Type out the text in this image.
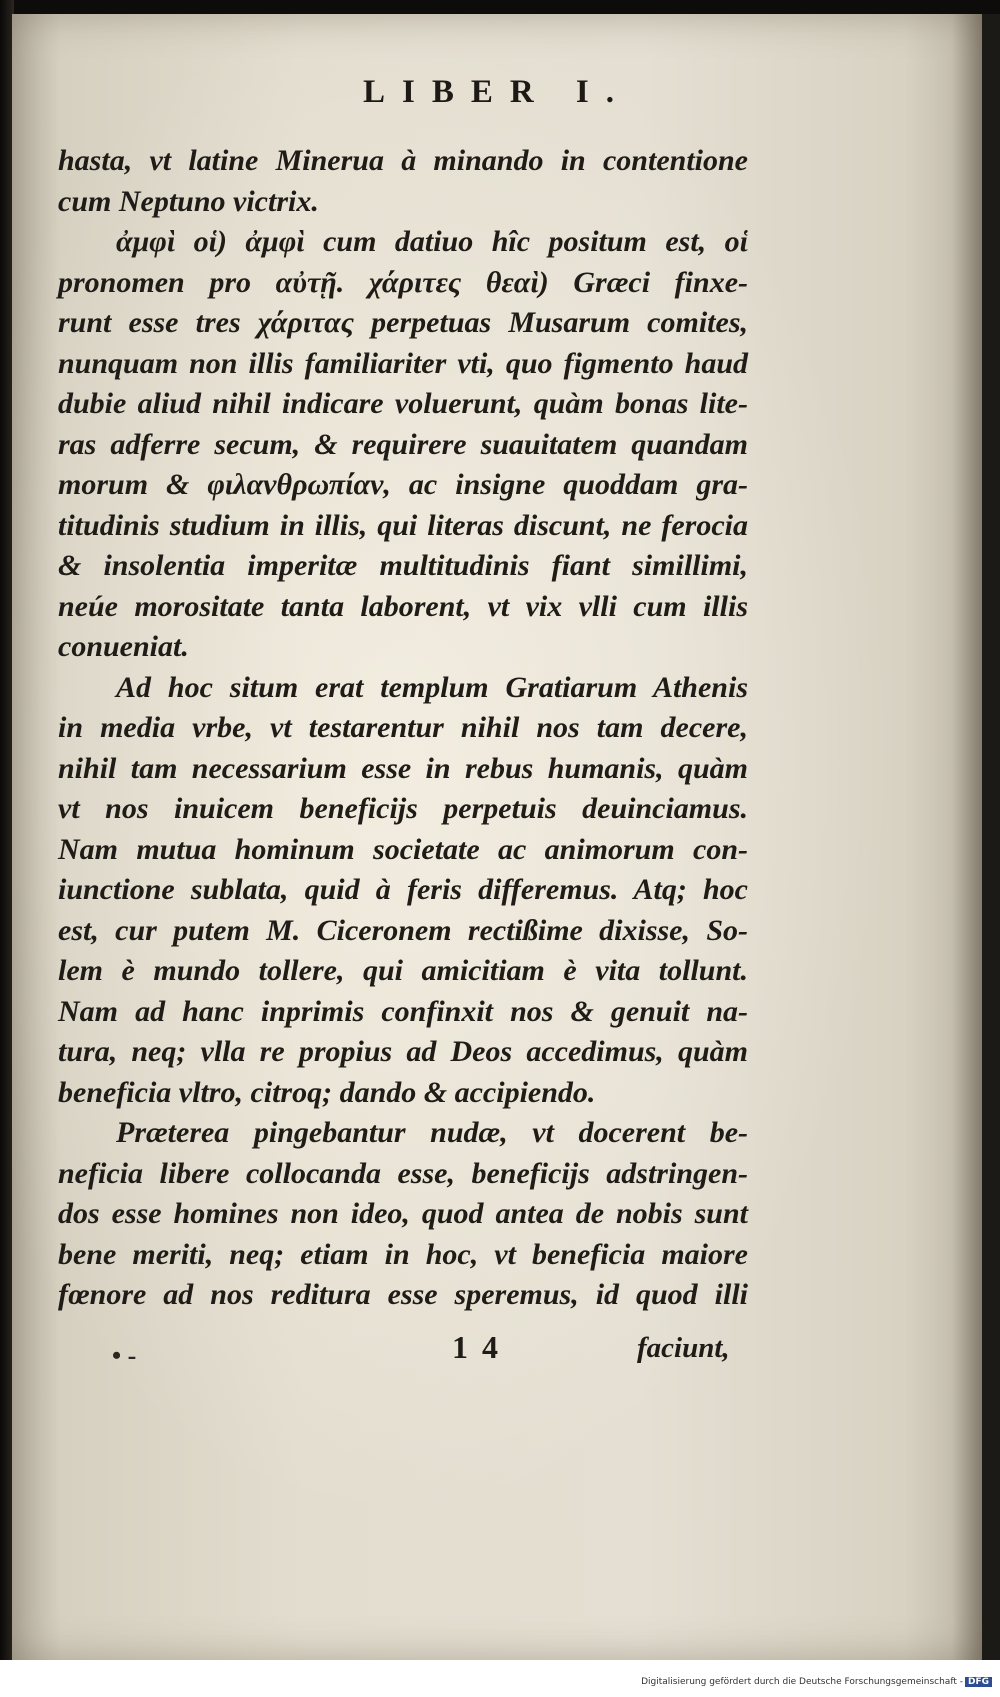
LIBER I.
hasta, vt latine Minerua à minando in contentione
cum Neptuno victrix.
ἀμφὶ οἱ) ἀμφὶ cum datiuo hîc positum est, οἱ
pronomen pro αὐτῇ. χάριτες θεαὶ) Græci finxe-
runt esse tres χάριτας perpetuas Musarum comites,
nunquam non illis familiariter vti, quo figmento haud
dubie aliud nihil indicare voluerunt, quàm bonas lite-
ras adferre secum, & requirere suauitatem quandam
morum & φιλανθρωπίαν, ac insigne quoddam gra-
titudinis studium in illis, qui literas discunt, ne ferocia
& insolentia imperitæ multitudinis fiant simillimi,
neúe morositate tanta laborent, vt vix vlli cum illis
conueniat.
Ad hoc situm erat templum Gratiarum Athenis
in media vrbe, vt testarentur nihil nos tam decere,
nihil tam necessarium esse in rebus humanis, quàm
vt nos inuicem beneficijs perpetuis deuinciamus.
Nam mutua hominum societate ac animorum con-
iunctione sublata, quid à feris differemus. Atq; hoc
est, cur putem M. Ciceronem rectißime dixisse, So-
lem è mundo tollere, qui amicitiam è vita tollunt.
Nam ad hanc inprimis confinxit nos & genuit na-
tura, neq; vlla re propius ad Deos accedimus, quàm
beneficia vltro, citroq; dando & accipiendo.
Præterea pingebantur nudæ, vt docerent be-
neficia libere collocanda esse, beneficijs adstringen-
dos esse homines non ideo, quod antea de nobis sunt
bene meriti, neq; etiam in hoc, vt beneficia maiore
fœnore ad nos reditura esse speremus, id quod illi
• -	14	faciunt,
Digitalisierung gefördert durch die Deutsche Forschungsgemeinschaft - DFG
